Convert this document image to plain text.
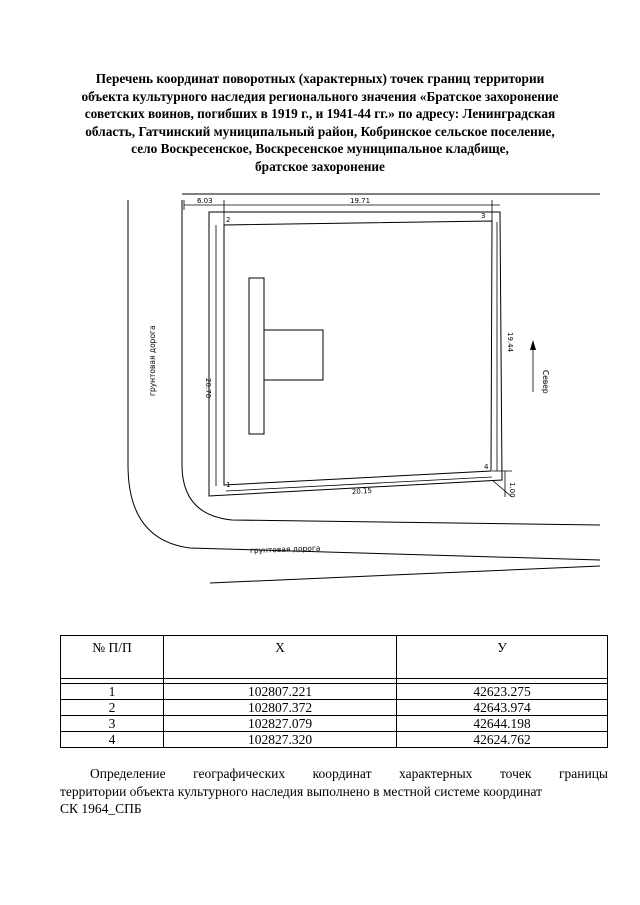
Перечень координат поворотных (характерных) точек границ территории
объекта культурного наследия регионального значения «Братское захоронение
советских воинов, погибших в 1919 г., и 1941-44 гг.» по адресу: Ленинградская
область, Гатчинский муниципальный район, Кобринское сельское поселение,
село Воскресенское, Воскресенское муниципальное кладбище,
братское захоронение
6.03	19.71
20.70
19.44
20.15	1.00
Север
грунтовая дорога
грунтовая дорога
1
2	3
4
№ П/П	Х	У

1	102807.221	42623.275
2	102807.372	42643.974
3	102827.079	42644.198
4	102827.320	42624.762
Определение географических координат характерных точек границы
территории объекта культурного наследия выполнено в местной системе координат
СК 1964_СПБ
